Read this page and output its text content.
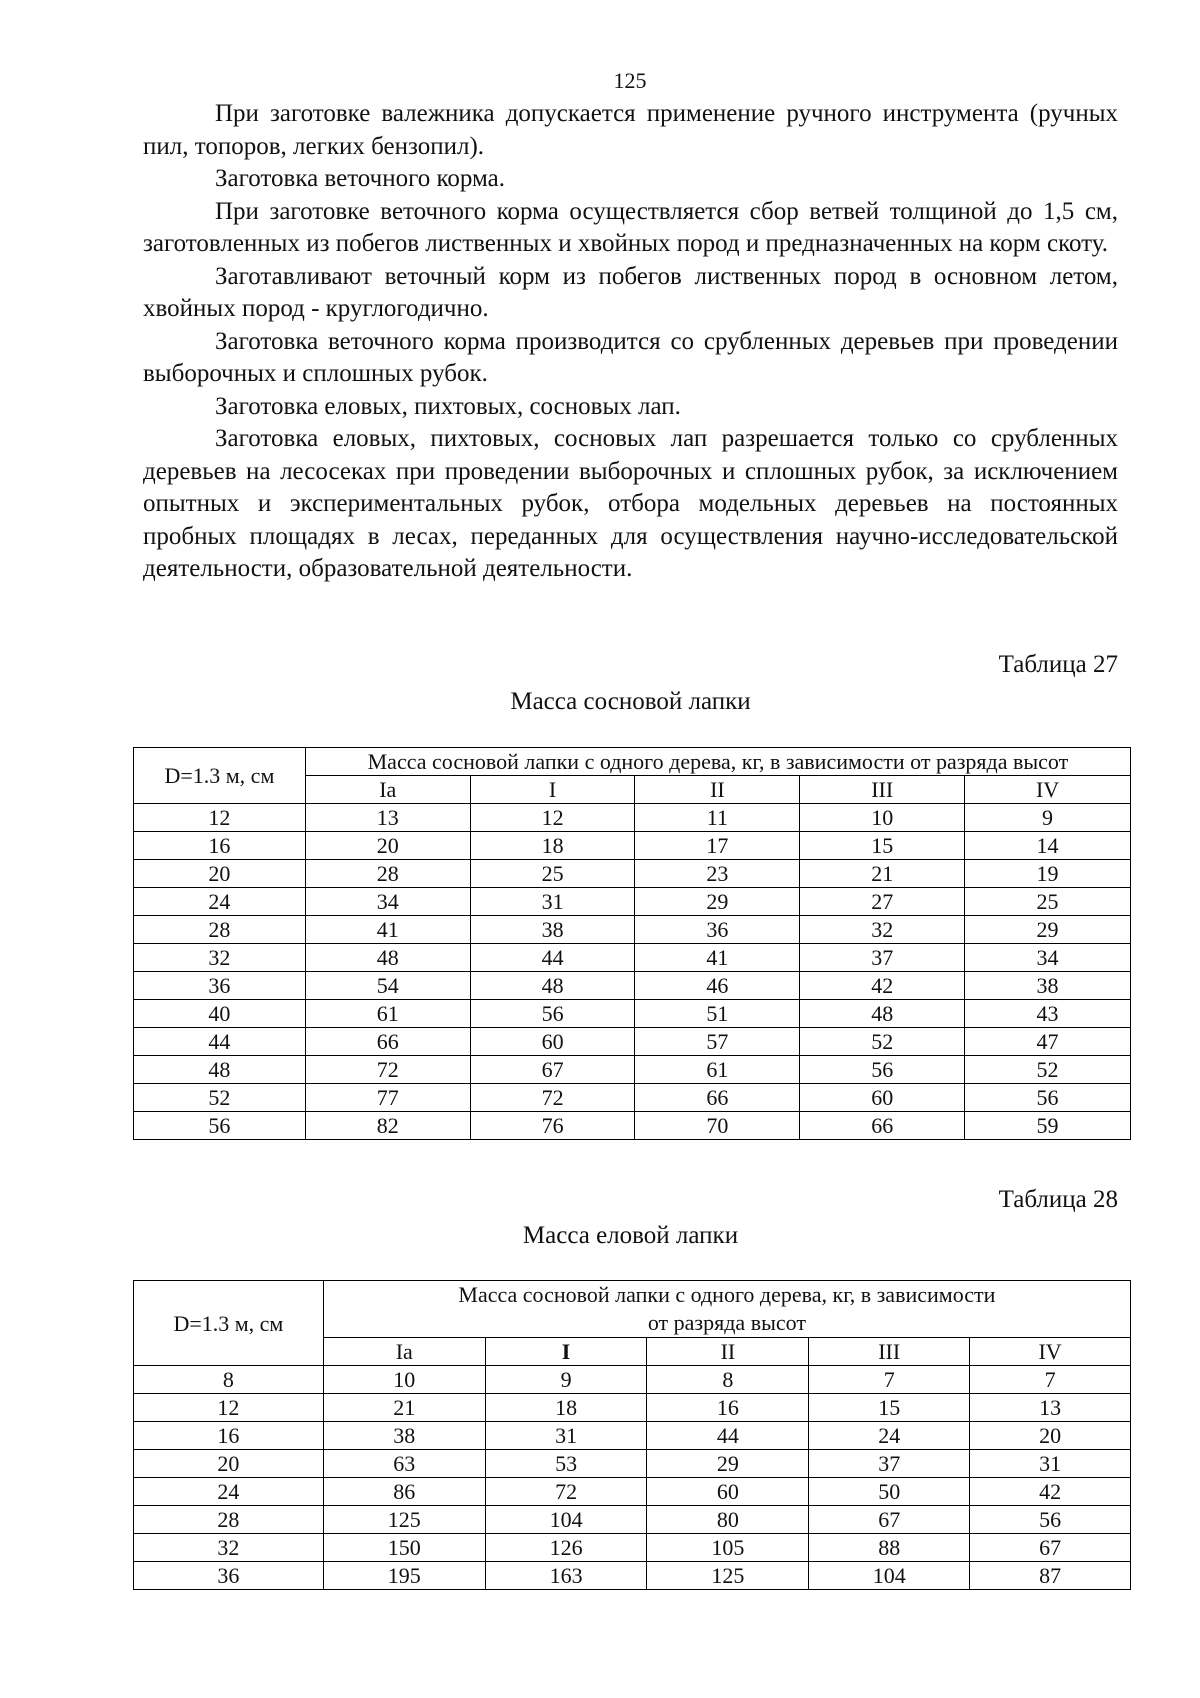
125

При заготовке валежника допускается применение ручного инструмента (ручных пил, топоров, легких бензопил).

Заготовка веточного корма.

При заготовке веточного корма осуществляется сбор ветвей толщиной до 1,5 см, заготовленных из побегов лиственных и хвойных пород и предназначенных на корм скоту.

Заготавливают веточный корм из побегов лиственных пород в основном летом, хвойных пород - круглогодично.

Заготовка веточного корма производится со срубленных деревьев при проведении выборочных и сплошных рубок.

Заготовка еловых, пихтовых, сосновых лап.

Заготовка еловых, пихтовых, сосновых лап разрешается только со срубленных деревьев на лесосеках при проведении выборочных и сплошных рубок, за исключением опытных и экспериментальных рубок, отбора модельных деревьев на постоянных пробных площадях в лесах, переданных для осуществления научно-исследовательской деятельности, образовательной деятельности.

Таблица 27
Масса сосновой лапки
D=1.3 м, см	Масса сосновой лапки с одного дерева, кг, в зависимости от разряда высот				
	Ia	I	II	III	IV
12	13	12	11	10	9
16	20	18	17	15	14
20	28	25	23	21	19
24	34	31	29	27	25
28	41	38	36	32	29
32	48	44	41	37	34
36	54	48	46	42	38
40	61	56	51	48	43
44	66	60	57	52	47
48	72	67	61	56	52
52	77	72	66	60	56
56	82	76	70	66	59
Таблица 28
Масса еловой лапки
D=1.3 м, см	Масса сосновой лапки с одного дерева, кг, в зависимости
от разряда высот				

	Ia	I	II	III	IV
8	10	9	8	7	7
12	21	18	16	15	13
16	38	31	44	24	20
20	63	53	29	37	31
24	86	72	60	50	42
28	125	104	80	67	56
32	150	126	105	88	67
36	195	163	125	104	87
